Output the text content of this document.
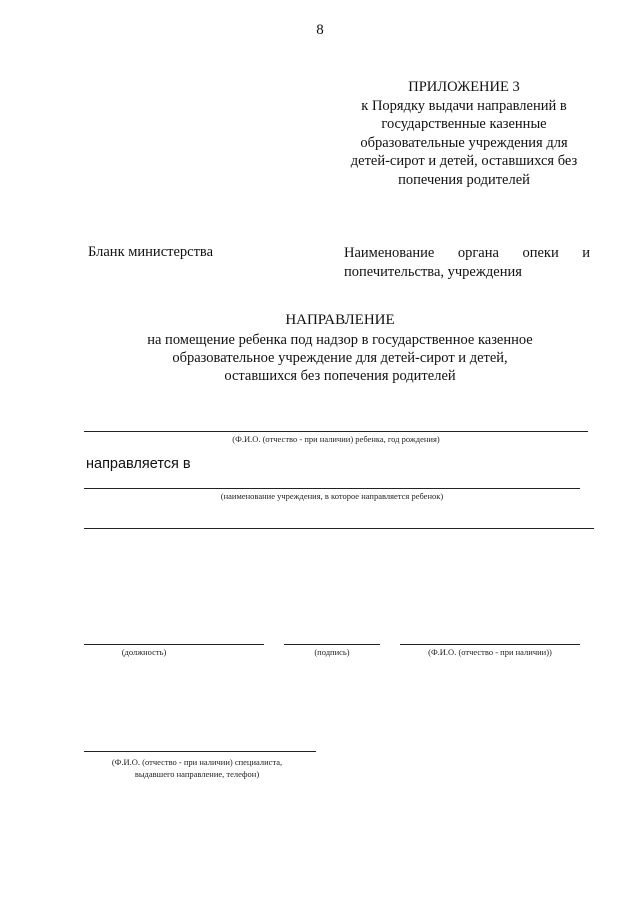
8
ПРИЛОЖЕНИЕ 3
к Порядку выдачи направлений в
государственные казенные
образовательные учреждения для
детей-сирот и детей, оставшихся без
попечения родителей
Бланк министерства	Наименование органа опеки и
попечительства, учреждения
НАПРАВЛЕНИЕ
на помещение ребенка под надзор в государственное казенное
образовательное учреждение для детей-сирот и детей,
оставшихся без попечения родителей
(Ф.И.О. (отчество - при наличии) ребенка, год рождения)
направляется в
(наименование учреждения, в которое направляется ребенок)
(должность)	(подпись)	(Ф.И.О. (отчество - при наличии))
(Ф.И.О. (отчество - при наличии) специалиста,
выдавшего направление, телефон)
